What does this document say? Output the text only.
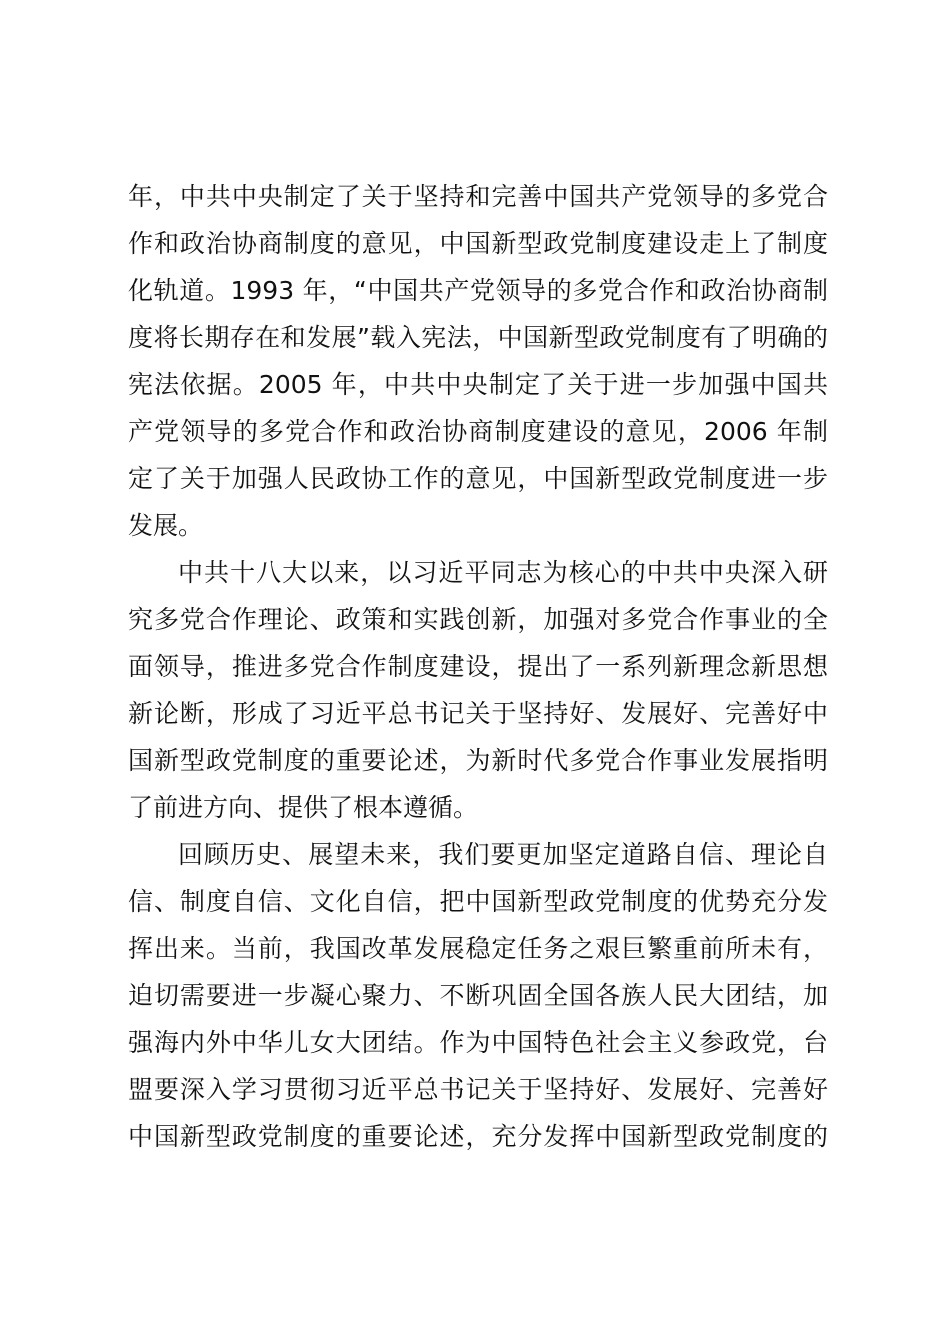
年，中共中央制定了关于坚持和完善中国共产党领导的多党合
作和政治协商制度的意见，中国新型政党制度建设走上了制度
化轨道。1993 年，“中国共产党领导的多党合作和政治协商制
度将长期存在和发展”载入宪法，中国新型政党制度有了明确的
宪法依据。2005 年，中共中央制定了关于进一步加强中国共
产党领导的多党合作和政治协商制度建设的意见，2006 年制
定了关于加强人民政协工作的意见，中国新型政党制度进一步
发展。
中共十八大以来，以习近平同志为核心的中共中央深入研
究多党合作理论、政策和实践创新，加强对多党合作事业的全
面领导，推进多党合作制度建设，提出了一系列新理念新思想
新论断，形成了习近平总书记关于坚持好、发展好、完善好中
国新型政党制度的重要论述，为新时代多党合作事业发展指明
了前进方向、提供了根本遵循。
回顾历史、展望未来，我们要更加坚定道路自信、理论自
信、制度自信、文化自信，把中国新型政党制度的优势充分发
挥出来。当前，我国改革发展稳定任务之艰巨繁重前所未有，
迫切需要进一步凝心聚力、不断巩固全国各族人民大团结，加
强海内外中华儿女大团结。作为中国特色社会主义参政党，台
盟要深入学习贯彻习近平总书记关于坚持好、发展好、完善好
中国新型政党制度的重要论述，充分发挥中国新型政党制度的
